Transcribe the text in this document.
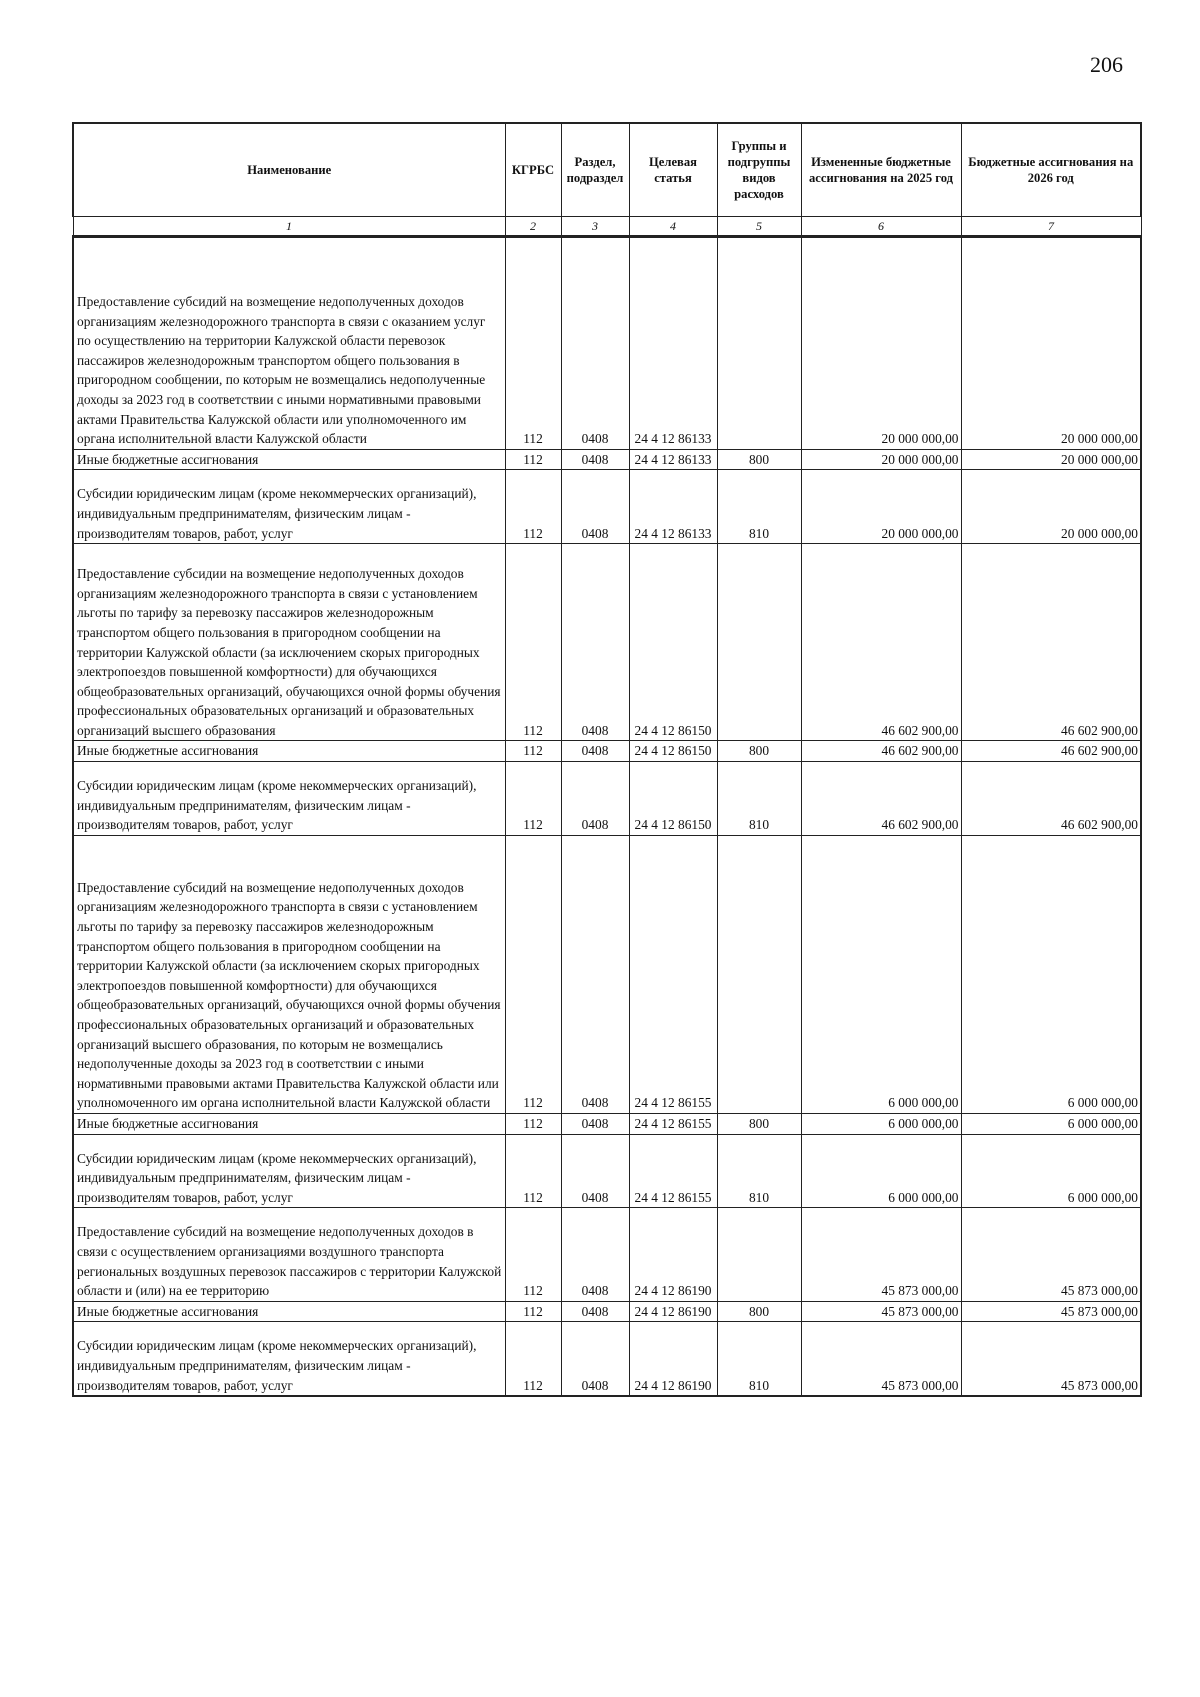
206
Наименование	КГРБС	Раздел, подраздел	Целевая статья	Группы и подгруппы видов расходов	Измененные бюджетные ассигнования на 2025 год	Бюджетные ассигнования на 2026 год
1	2	3	4	5	6	7
Предоставление субсидий на возмещение недополученных доходов организациям железнодорожного транспорта в связи с оказанием услуг по осуществлению на территории Калужской области перевозок пассажиров железнодорожным транспортом общего пользования в пригородном сообщении, по которым не возмещались недополученные доходы за 2023 год в соответствии с иными нормативными правовыми актами Правительства Калужской области или уполномоченного им органа исполнительной власти Калужской области	112	0408	24 4 12 86133		20 000 000,00	20 000 000,00
Иные бюджетные ассигнования	112	0408	24 4 12 86133	800	20 000 000,00	20 000 000,00
Субсидии юридическим лицам (кроме некоммерческих организаций), индивидуальным предпринимателям, физическим лицам - производителям товаров, работ, услуг	112	0408	24 4 12 86133	810	20 000 000,00	20 000 000,00
Предоставление субсидии на возмещение недополученных доходов организациям железнодорожного транспорта в связи с установлением льготы по тарифу за перевозку пассажиров железнодорожным транспортом общего пользования в пригородном сообщении на территории Калужской области (за исключением скорых пригородных электропоездов повышенной комфортности) для обучающихся общеобразовательных организаций, обучающихся очной формы обучения профессиональных образовательных организаций и образовательных организаций высшего образования	112	0408	24 4 12 86150		46 602 900,00	46 602 900,00
Иные бюджетные ассигнования	112	0408	24 4 12 86150	800	46 602 900,00	46 602 900,00
Субсидии юридическим лицам (кроме некоммерческих организаций), индивидуальным предпринимателям, физическим лицам - производителям товаров, работ, услуг	112	0408	24 4 12 86150	810	46 602 900,00	46 602 900,00
Предоставление субсидий на возмещение недополученных доходов организациям железнодорожного транспорта в связи с установлением льготы по тарифу за перевозку пассажиров железнодорожным транспортом общего пользования в пригородном сообщении на территории Калужской области (за исключением скорых пригородных электропоездов повышенной комфортности) для обучающихся общеобразовательных организаций, обучающихся очной формы обучения профессиональных образовательных организаций и образовательных организаций высшего образования, по которым не возмещались недополученные доходы за 2023 год в соответствии с иными нормативными правовыми актами Правительства Калужской области или уполномоченного им органа исполнительной власти Калужской области	112	0408	24 4 12 86155		6 000 000,00	6 000 000,00
Иные бюджетные ассигнования	112	0408	24 4 12 86155	800	6 000 000,00	6 000 000,00
Субсидии юридическим лицам (кроме некоммерческих организаций), индивидуальным предпринимателям, физическим лицам - производителям товаров, работ, услуг	112	0408	24 4 12 86155	810	6 000 000,00	6 000 000,00
Предоставление субсидий на возмещение недополученных доходов в связи с осуществлением организациями воздушного транспорта региональных воздушных перевозок пассажиров с территории Калужской области и (или) на ее территорию	112	0408	24 4 12 86190		45 873 000,00	45 873 000,00
Иные бюджетные ассигнования	112	0408	24 4 12 86190	800	45 873 000,00	45 873 000,00
Субсидии юридическим лицам (кроме некоммерческих организаций), индивидуальным предпринимателям, физическим лицам - производителям товаров, работ, услуг	112	0408	24 4 12 86190	810	45 873 000,00	45 873 000,00
